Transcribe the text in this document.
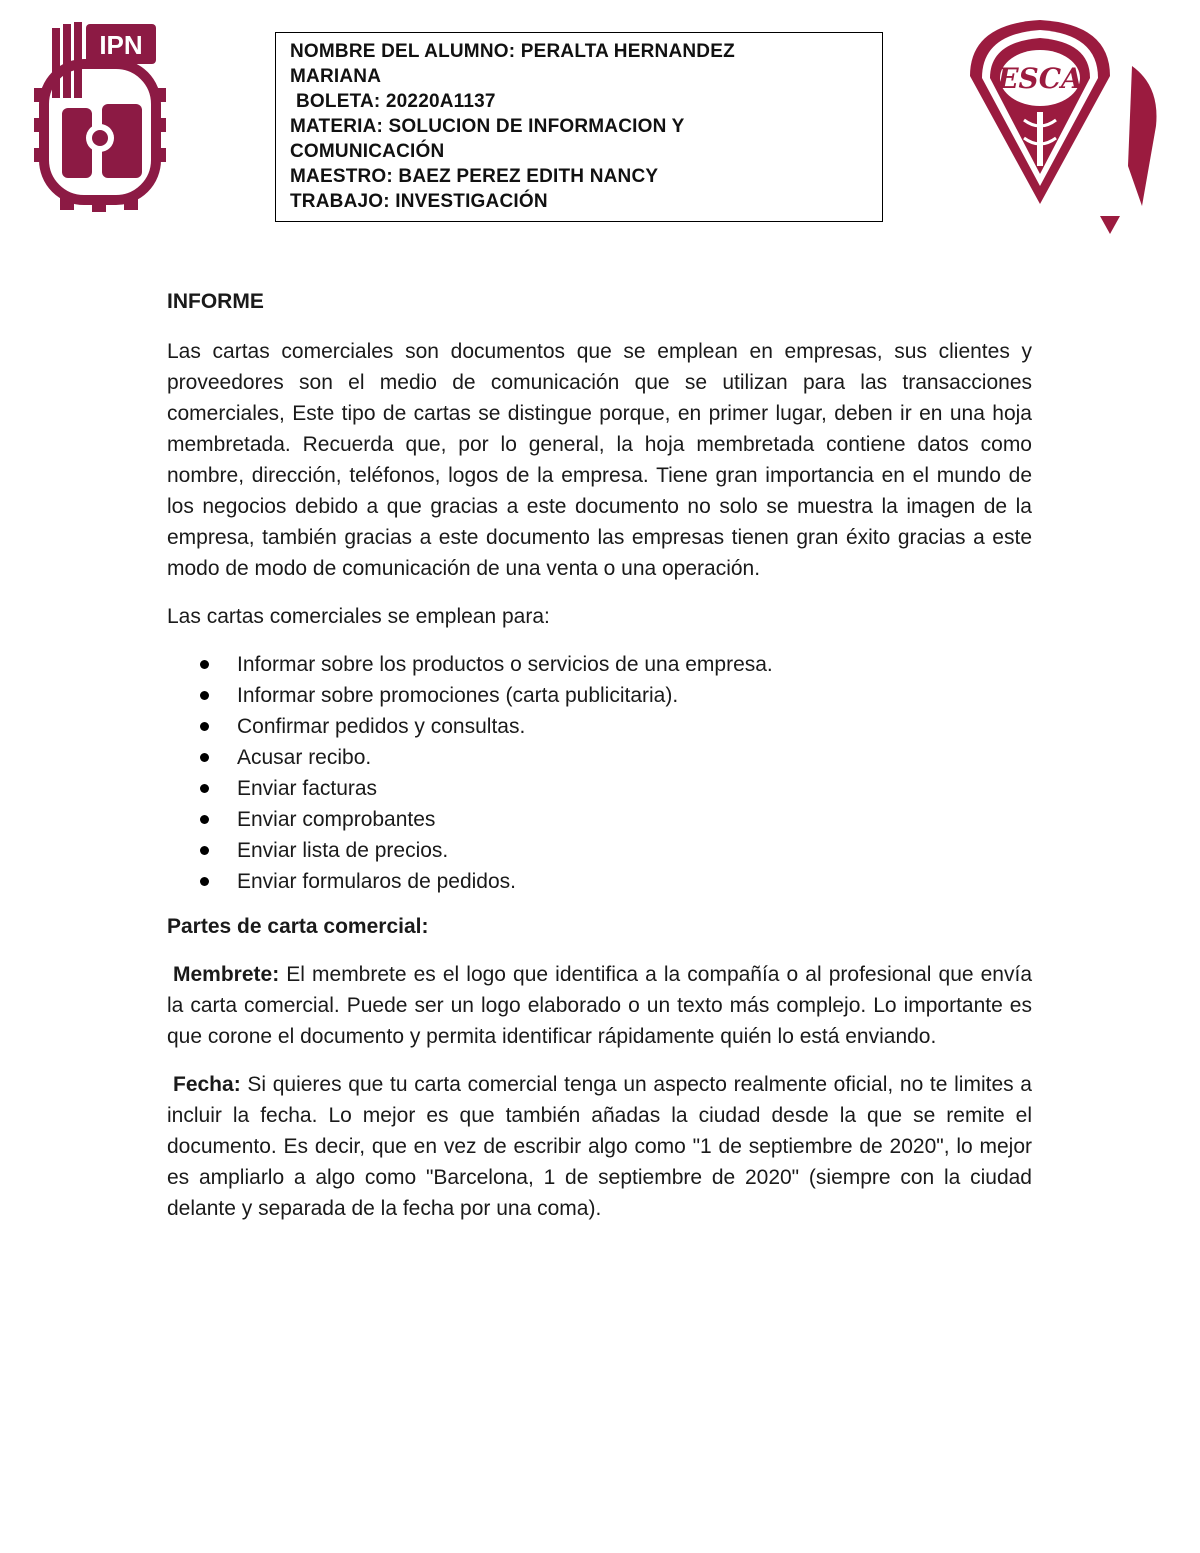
IPN
ESCA
NOMBRE DEL ALUMNO: PERALTA HERNANDEZ
MARIANA
BOLETA: 20220A1137
MATERIA: SOLUCION DE INFORMACION Y
COMUNICACIÓN
MAESTRO: BAEZ PEREZ EDITH NANCY
TRABAJO: INVESTIGACIÓN
INFORME

Las cartas comerciales son documentos que se emplean en empresas, sus clientes y proveedores son el medio de comunicación que se utilizan para las transacciones comerciales, Este tipo de cartas se distingue porque, en primer lugar, deben ir en una hoja membretada. Recuerda que, por lo general, la hoja membretada contiene datos como nombre, dirección, teléfonos, logos de la empresa. Tiene gran importancia en el mundo de los negocios debido a que gracias a este documento no solo se muestra la imagen de la empresa, también gracias a este documento las empresas tienen gran éxito gracias a este modo de modo de comunicación de una venta o una operación.

Las cartas comerciales se emplean para:

Informar sobre los productos o servicios de una empresa.
Informar sobre promociones (carta publicitaria).
Confirmar pedidos y consultas.
Acusar recibo.
Enviar facturas
Enviar comprobantes
Enviar lista de precios.
Enviar formularos de pedidos.
Partes de carta comercial:

Membrete: El membrete es el logo que identifica a la compañía o al profesional que envía la carta comercial. Puede ser un logo elaborado o un texto más complejo. Lo importante es que corone el documento y permita identificar rápidamente quién lo está enviando.

Fecha: Si quieres que tu carta comercial tenga un aspecto realmente oficial, no te limites a incluir la fecha. Lo mejor es que también añadas la ciudad desde la que se remite el documento. Es decir, que en vez de escribir algo como "1 de septiembre de 2020", lo mejor es ampliarlo a algo como "Barcelona, 1 de septiembre de 2020" (siempre con la ciudad delante y separada de la fecha por una coma).
